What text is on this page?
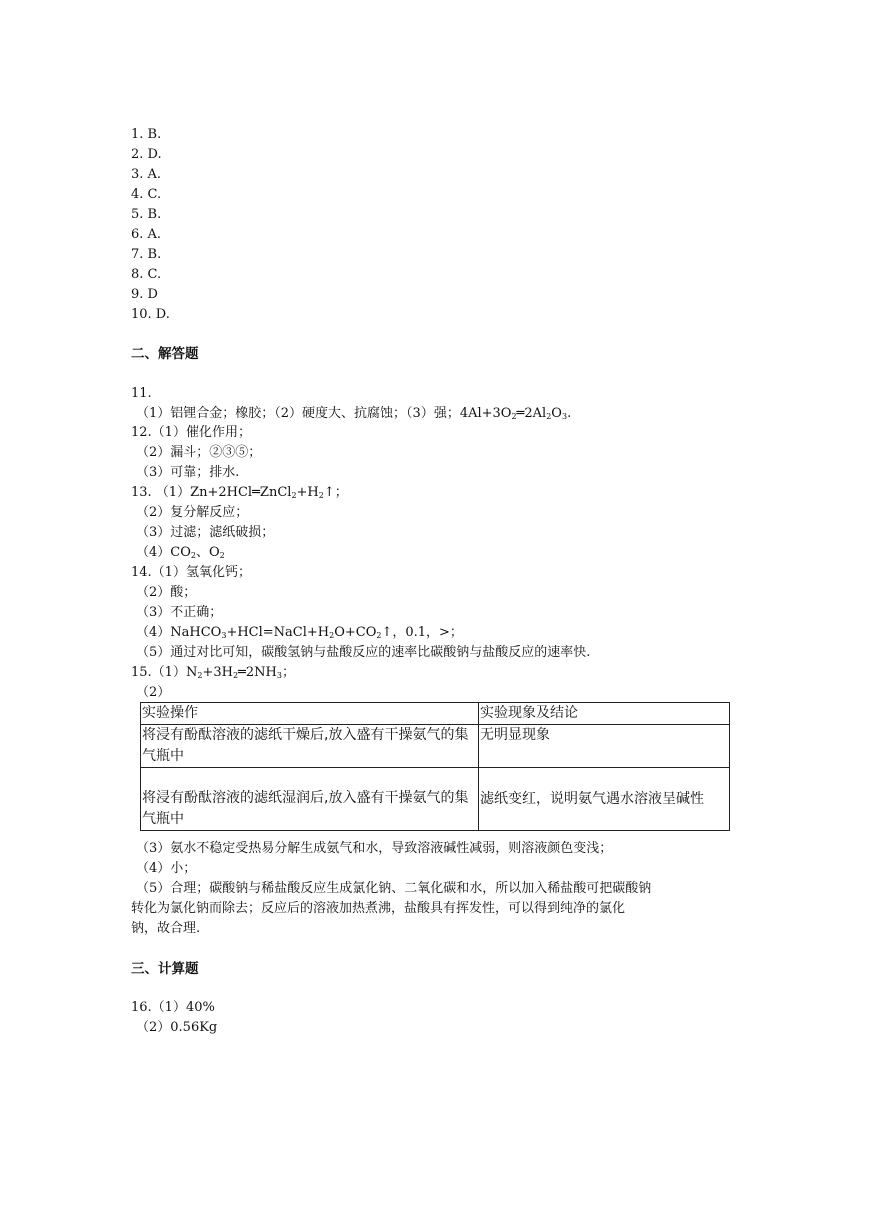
1. B.
2. D.
3. A.
4. C.
5. B.
6. A.
7. B.
8. C.
9. D
10. D.
二、解答题
11.
（1）铝锂合金；橡胶；（2）硬度大、抗腐蚀；（3）强；$4Al+3O_2═2Al_2O_3$.
12.（1）催化作用；
（2）漏斗；②③⑤；
（3）可靠；排水.
13. $(1)Zn+2HCl═ZnCl_2+H_2↑$；
（2）复分解反应；
（3）过滤；滤纸破损；
$(4)CO_2$、$O_2$
14.（1）氢氧化钙；
（2）酸；
（3）不正确；
$(4)NaHCO_3+HCl=NaCl+H_2O+CO_2↑$，0.1，>；
（5）通过对比可知，碳酸氢钠与盐酸反应的速率比碳酸钠与盐酸反应的速率快.
$15.(1)N_2+3H_2═2NH_3$；
（2）
实验操作	实验现象及结论
将浸有酚酞溶液的滤纸干燥后,放入盛有干操氨气的集气瓶中	无明显现象
将浸有酚酞溶液的滤纸湿润后,放入盛有干操氨气的集气瓶中	滤纸变红，说明氨气遇水溶液呈碱性
（3）氨水不稳定受热易分解生成氨气和水，导致溶液碱性减弱，则溶液颜色变浅；
（4）小；
（5）合理；碳酸钠与稀盐酸反应生成氯化钠、二氧化碳和水，所以加入稀盐酸可把碳酸钠
转化为氯化钠而除去；反应后的溶液加热煮沸，盐酸具有挥发性，可以得到纯净的氯化
钠，故合理.
三、计算题
16.（1）40%
（2）0.56Kg
